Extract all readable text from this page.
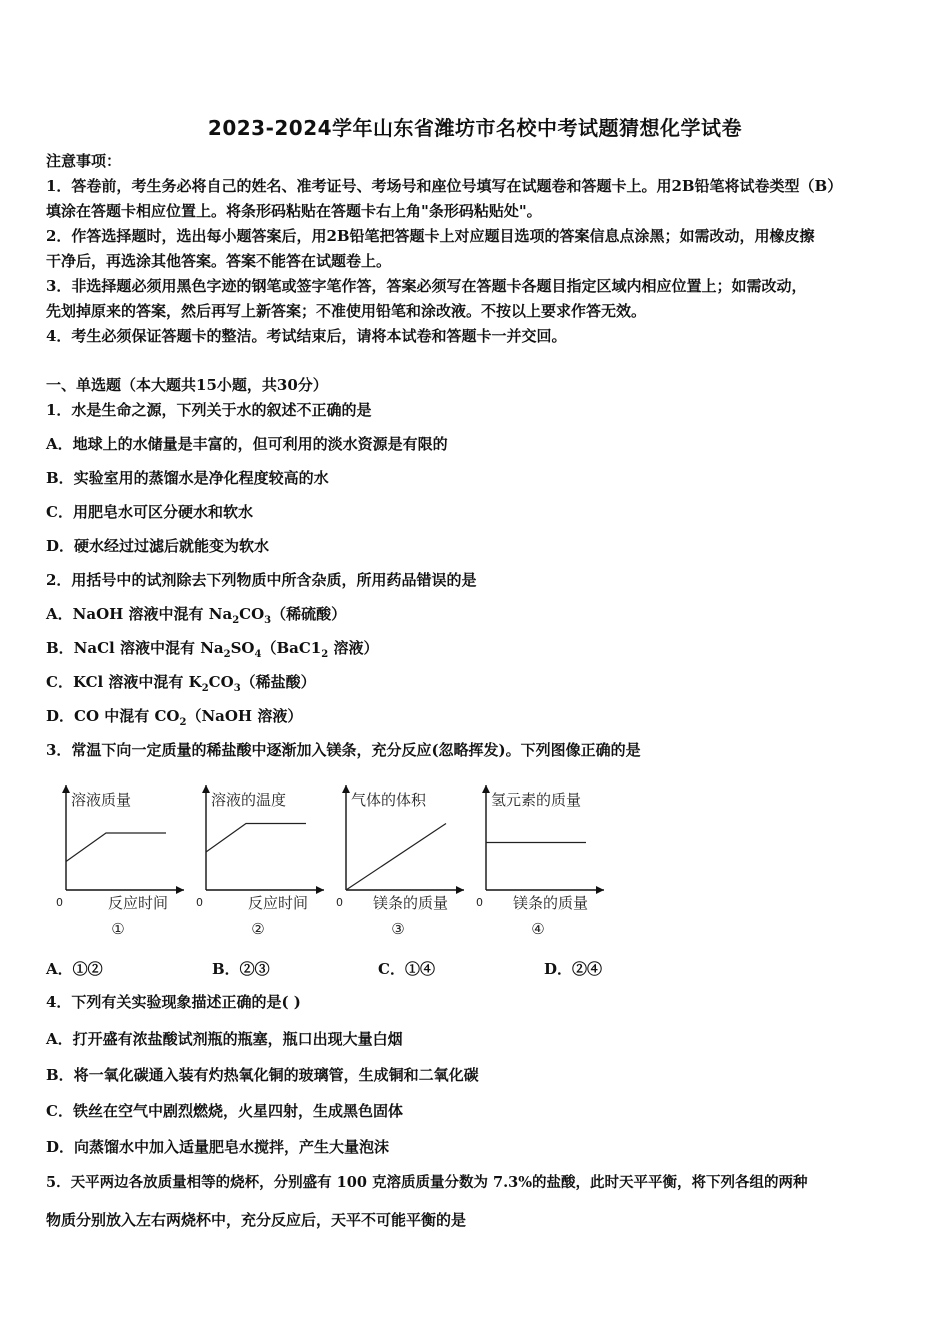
2023-2024学年山东省潍坊市名校中考试题猜想化学试卷
注意事项：
1．答卷前，考生务必将自己的姓名、准考证号、考场号和座位号填写在试题卷和答题卡上。用2B铅笔将试卷类型（B）
填涂在答题卡相应位置上。将条形码粘贴在答题卡右上角"条形码粘贴处"。
2．作答选择题时，选出每小题答案后，用2B铅笔把答题卡上对应题目选项的答案信息点涂黑；如需改动，用橡皮擦
干净后，再选涂其他答案。答案不能答在试题卷上。
3．非选择题必须用黑色字迹的钢笔或签字笔作答，答案必须写在答题卡各题目指定区域内相应位置上；如需改动，
先划掉原来的答案，然后再写上新答案；不准使用铅笔和涂改液。不按以上要求作答无效。
4．考生必须保证答题卡的整洁。考试结束后，请将本试卷和答题卡一并交回。
一、单选题（本大题共15小题，共30分）
1．水是生命之源，下列关于水的叙述不正确的是
A．地球上的水储量是丰富的，但可利用的淡水资源是有限的
B．实验室用的蒸馏水是净化程度较高的水
C．用肥皂水可区分硬水和软水
D．硬水经过过滤后就能变为软水
2．用括号中的试剂除去下列物质中所含杂质，所用药品错误的是
A．NaOH 溶液中混有 $Na_2CO_3$（稀硫酸）
B．NaCl 溶液中混有 $Na_2SO_4(BaC1_2$ 溶液）
C．KCl 溶液中混有 $K_2CO_3$（稀盐酸）
D．CO 中混有 $CO_2(NaOH$ 溶液）
3．常温下向一定质量的稀盐酸中逐渐加入镁条，充分反应(忽略挥发)。下列图像正确的是
溶液质量
反应时间
0
①
溶液的温度
反应时间
0
②
气体的体积
镁条的质量
0
③
氢元素的质量
镁条的质量
0
④
A．①②	B．②③	C．①④	D．②④
4．下列有关实验现象描述正确的是( )
A．打开盛有浓盐酸试剂瓶的瓶塞，瓶口出现大量白烟
B．将一氧化碳通入装有灼热氧化铜的玻璃管，生成铜和二氧化碳
C．铁丝在空气中剧烈燃烧，火星四射，生成黑色固体
D．向蒸馏水中加入适量肥皂水搅拌，产生大量泡沫
5．天平两边各放质量相等的烧杯，分别盛有 100 克溶质质量分数为 7.3%的盐酸，此时天平平衡，将下列各组的两种
物质分别放入左右两烧杯中，充分反应后，天平不可能平衡的是
